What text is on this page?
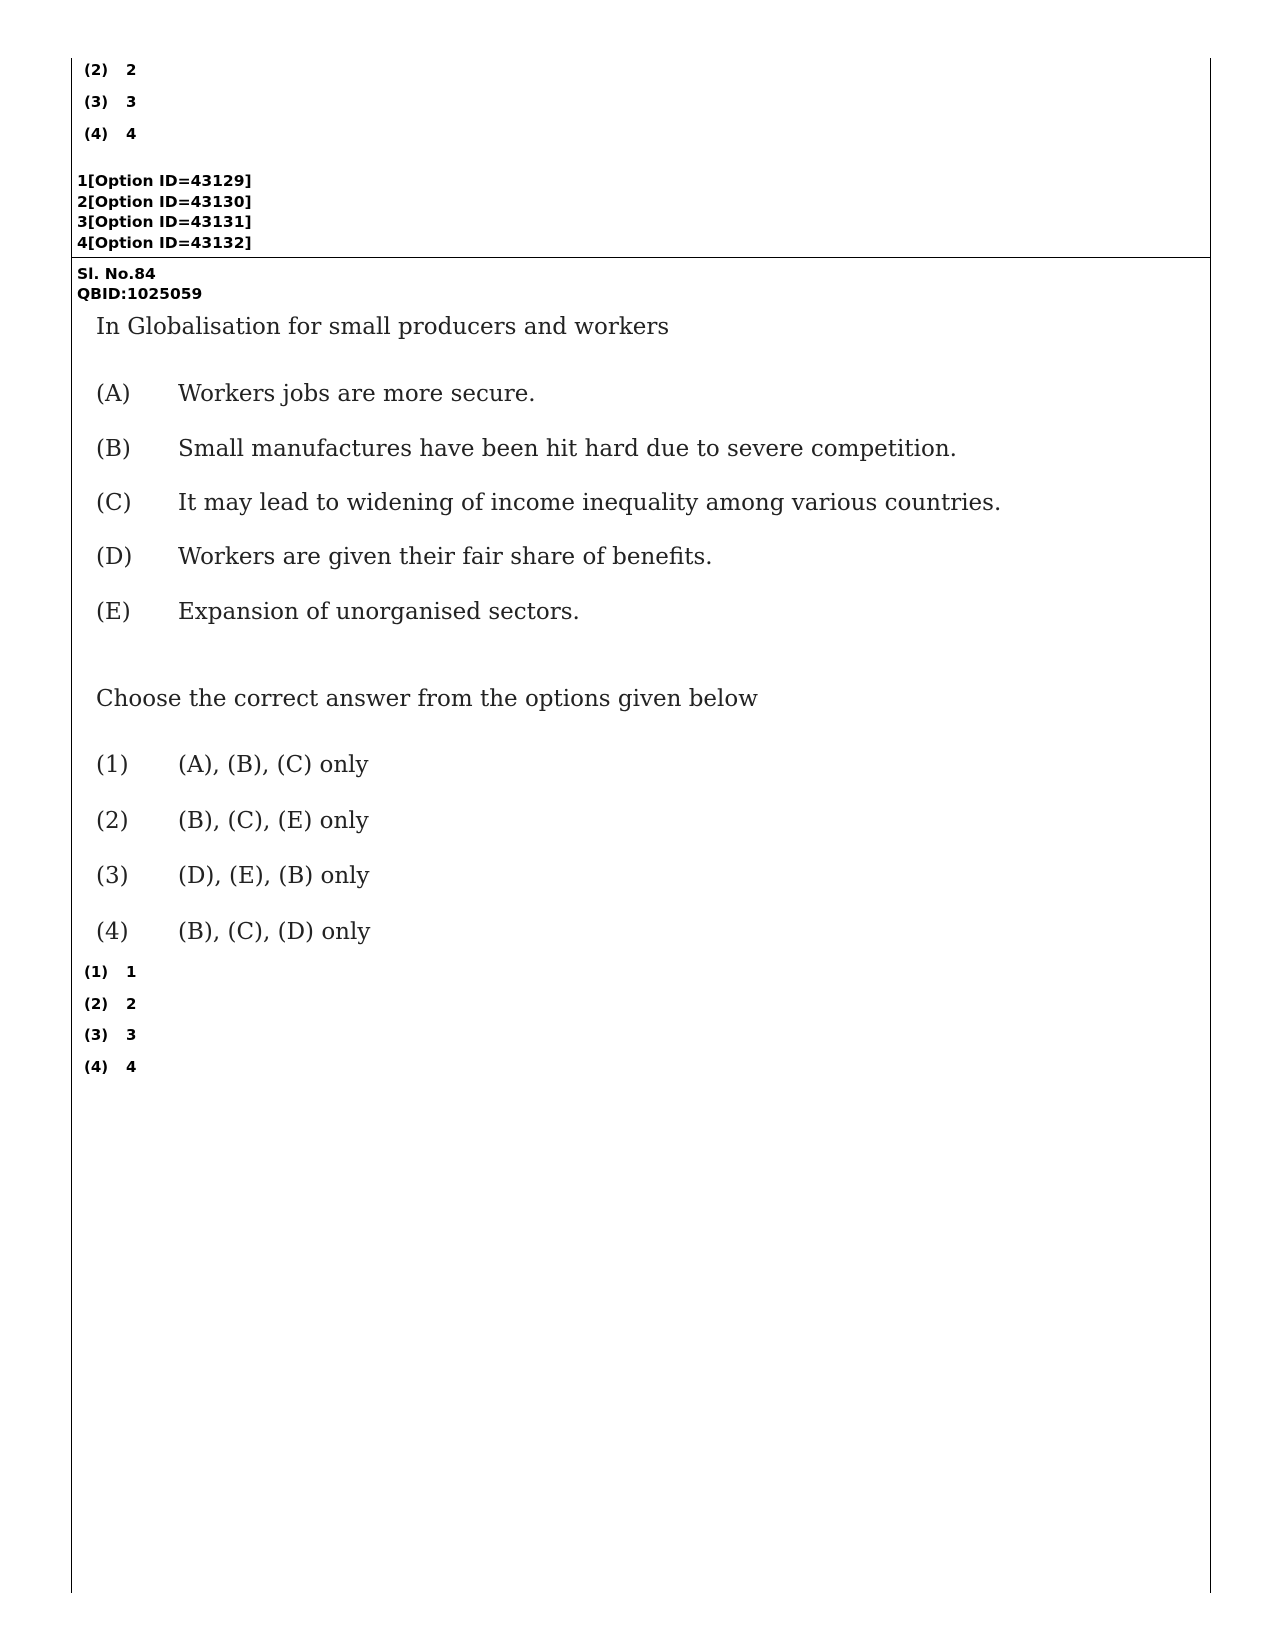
(2) 2
(3) 3
(4) 4
1[Option ID=43129]
2[Option ID=43130]
3[Option ID=43131]
4[Option ID=43132]
Sl. No.84
QBID:1025059
In Globalisation for small producers and workers
(A) Workers jobs are more secure.
(B) Small manufactures have been hit hard due to severe competition.
(C) It may lead to widening of income inequality among various countries.
(D) Workers are given their fair share of benefits.
(E) Expansion of unorganised sectors.
Choose the correct answer from the options given below
(1) (A), (B), (C) only
(2) (B), (C), (E) only
(3) (D), (E), (B) only
(4) (B), (C), (D) only
(1) 1
(2) 2
(3) 3
(4) 4
